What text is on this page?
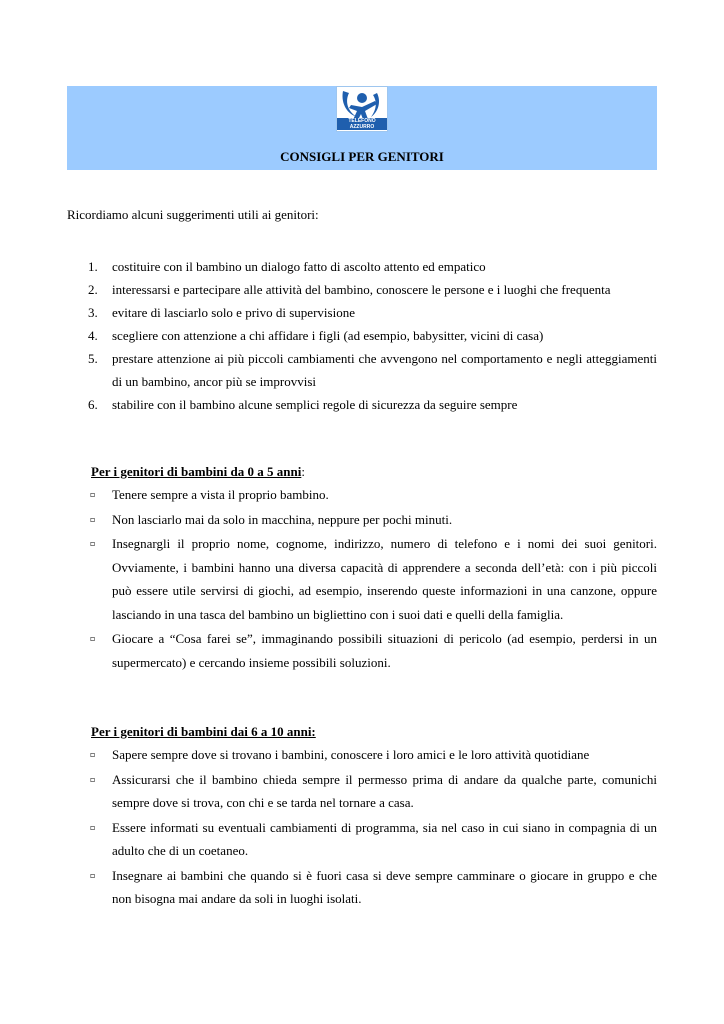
TELEFONO AZZURRO
CONSIGLI PER GENITORI
Ricordiamo alcuni suggerimenti utili ai genitori:
1. costituire con il bambino un dialogo fatto di ascolto attento ed empatico
2. interessarsi e partecipare alle attività del bambino, conoscere le persone e i luoghi che frequenta
3. evitare di lasciarlo solo e privo di supervisione
4. scegliere con attenzione a chi affidare i figli (ad esempio, babysitter, vicini di casa)
5. prestare attenzione ai più piccoli cambiamenti che avvengono nel comportamento e negli atteggiamenti di un bambino, ancor più se improvvisi
6. stabilire con il bambino alcune semplici regole di sicurezza da seguire sempre
Per i genitori di bambini da 0 a 5 anni:
▫ Tenere sempre a vista il proprio bambino.
▫ Non lasciarlo mai da solo in macchina, neppure per pochi minuti.
▫ Insegnargli il proprio nome, cognome, indirizzo, numero di telefono e i nomi dei suoi genitori. Ovviamente, i bambini hanno una diversa capacità di apprendere a seconda dell’età: con i più piccoli può essere utile servirsi di giochi, ad esempio, inserendo queste informazioni in una canzone, oppure lasciando in una tasca del bambino un bigliettino con i suoi dati e quelli della famiglia.
▫ Giocare a “Cosa farei se”, immaginando possibili situazioni di pericolo (ad esempio, perdersi in un supermercato) e cercando insieme possibili soluzioni.
Per i genitori di bambini dai 6 a 10 anni:
▫ Sapere sempre dove si trovano i bambini, conoscere i loro amici e le loro attività quotidiane
▫ Assicurarsi che il bambino chieda sempre il permesso prima di andare da qualche parte, comunichi sempre dove si trova, con chi e se tarda nel tornare a casa.
▫ Essere informati su eventuali cambiamenti di programma, sia nel caso in cui siano in compagnia di un adulto che di un coetaneo.
▫ Insegnare ai bambini che quando si è fuori casa si deve sempre camminare o giocare in gruppo e che non bisogna mai andare da soli in luoghi isolati.
